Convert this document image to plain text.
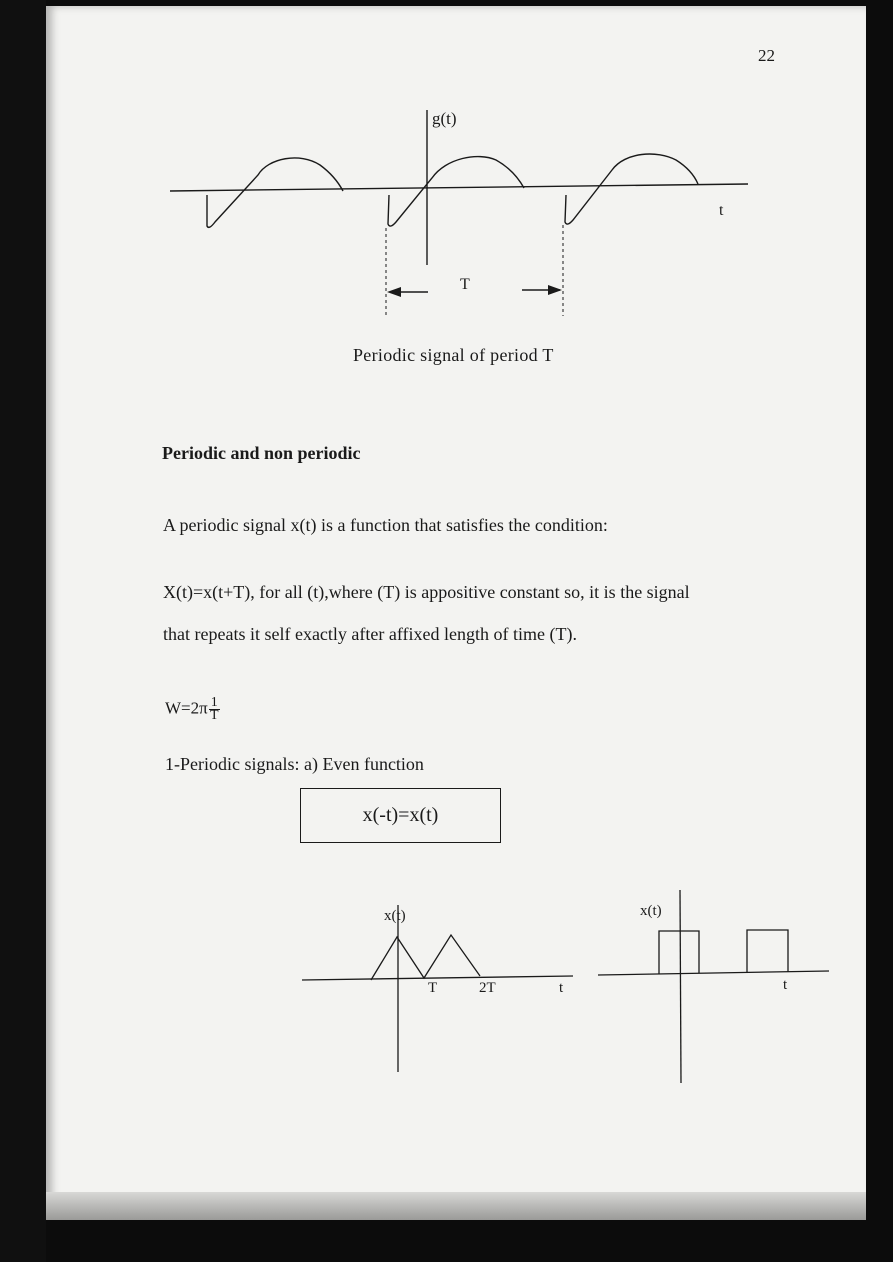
22
g(t)
t
T
Periodic signal of period T
Periodic and non periodic
A periodic signal x(t) is a function that satisfies the condition:
X(t)=x(t+T), for all (t),where (T) is appositive constant so, it is the signal
that repeats it self exactly after affixed length of time (T).
$W=2\pi \frac{1}{T}$
1-Periodic signals: a) Even function
x(-t)=x(t)
x(t)
T	2T	t
x(t)
t
